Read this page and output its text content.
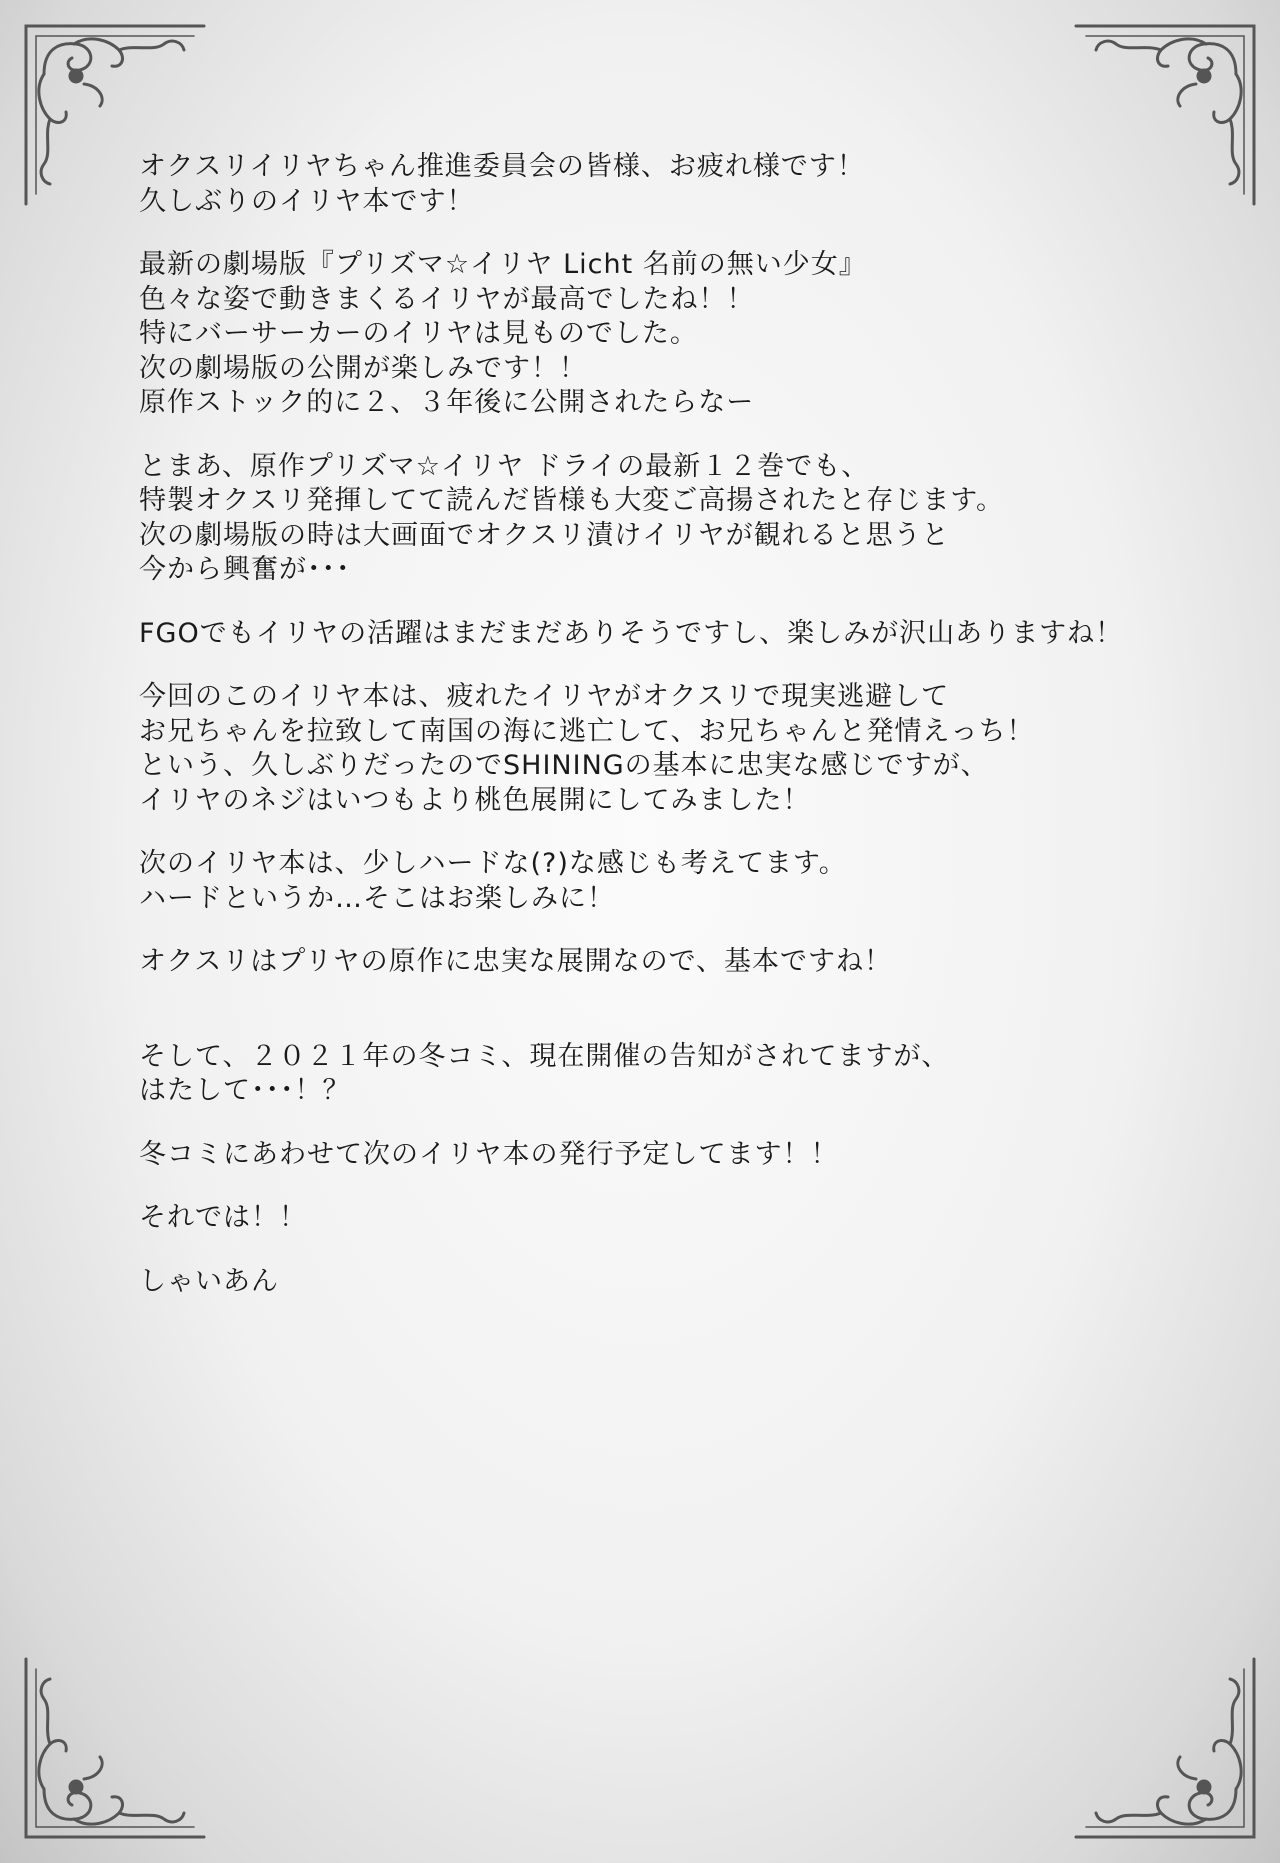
オクスリイリヤちゃん推進委員会の皆様、お疲れ様です！
久しぶりのイリヤ本です！
最新の劇場版『プリズマ☆イリヤ Licht 名前の無い少女』
色々な姿で動きまくるイリヤが最高でしたね！！
特にバーサーカーのイリヤは見ものでした。
次の劇場版の公開が楽しみです！！
原作ストック的に２、３年後に公開されたらなー
とまあ、原作プリズマ☆イリヤ ドライの最新１２巻でも、
特製オクスリ発揮してて読んだ皆様も大変ご高揚されたと存じます。
次の劇場版の時は大画面でオクスリ漬けイリヤが観れると思うと
今から興奮が･･･
FGOでもイリヤの活躍はまだまだありそうですし、楽しみが沢山ありますね！
今回のこのイリヤ本は、疲れたイリヤがオクスリで現実逃避して
お兄ちゃんを拉致して南国の海に逃亡して、お兄ちゃんと発情えっち！
という、久しぶりだったのでSHININGの基本に忠実な感じですが、
イリヤのネジはいつもより桃色展開にしてみました！
次のイリヤ本は、少しハードな(?)な感じも考えてます。
ハードというか…そこはお楽しみに！
オクスリはプリヤの原作に忠実な展開なので、基本ですね！
そして、２０２１年の冬コミ、現在開催の告知がされてますが、
はたして･･･！？
冬コミにあわせて次のイリヤ本の発行予定してます！！
それでは！！
しゃいあん
